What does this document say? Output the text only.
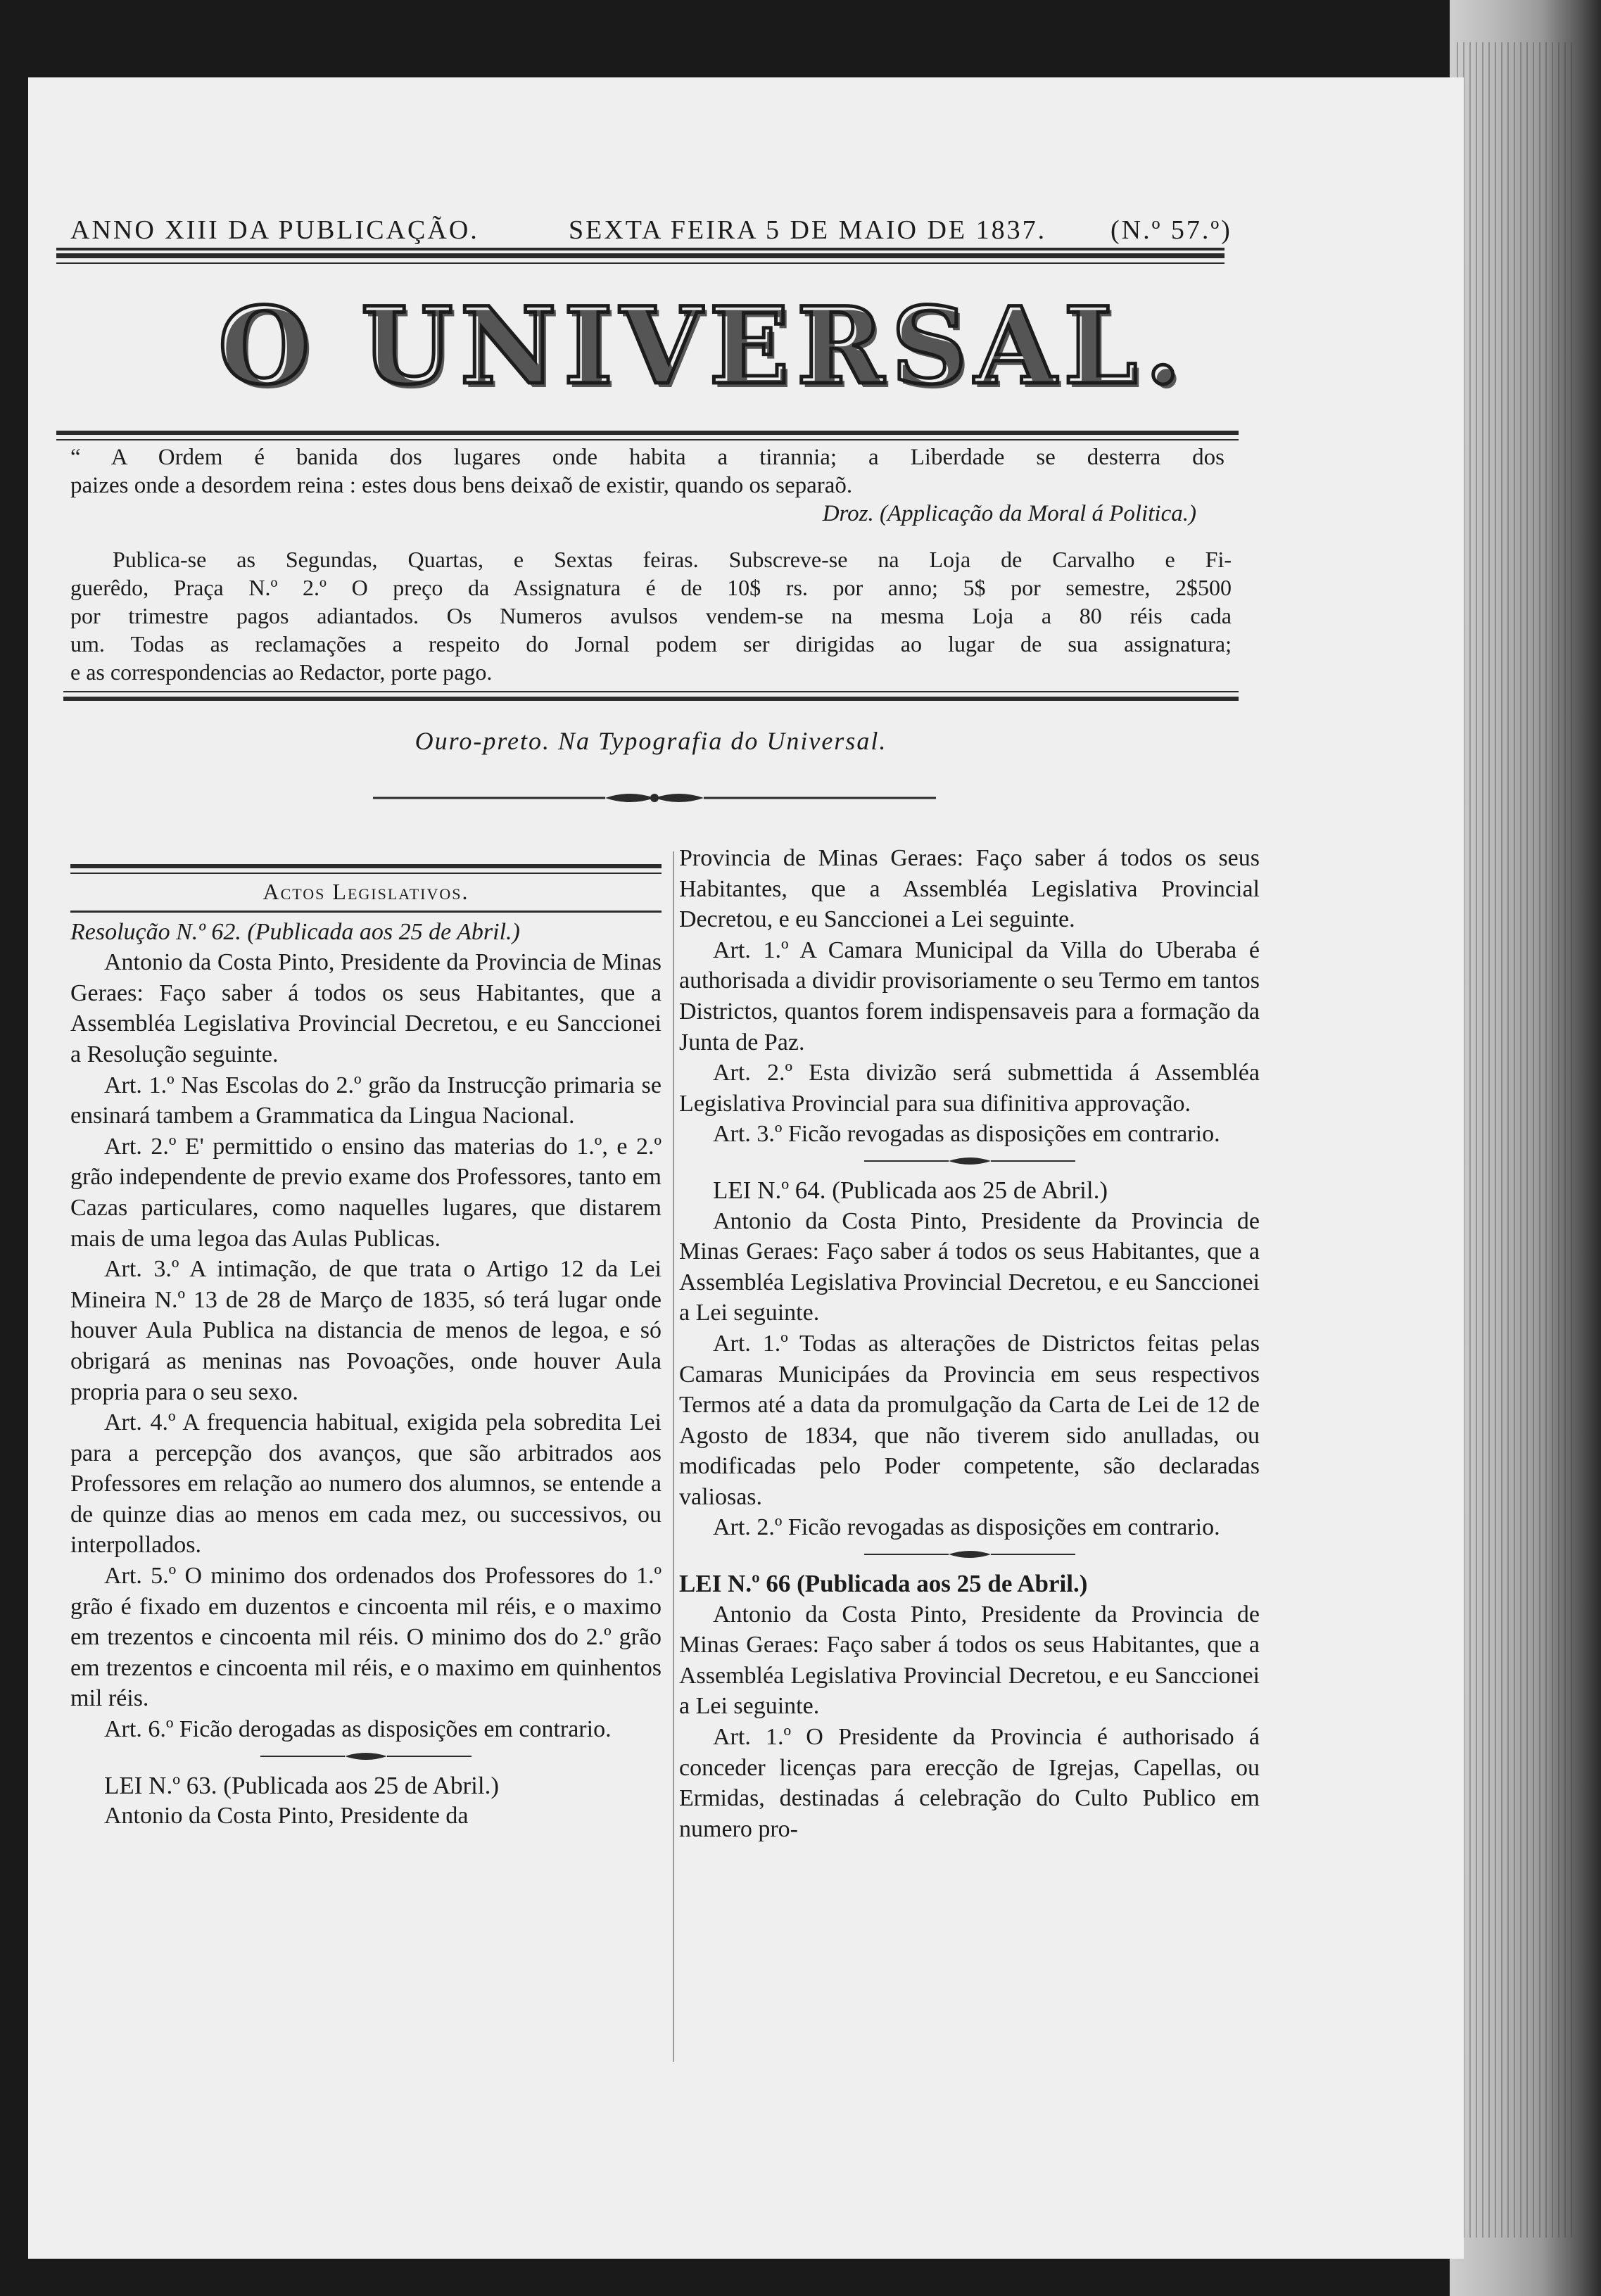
ANNO XIII DA PUBLICAÇÃO.	SEXTA FEIRA 5 DE MAIO DE 1837. (N.º 57.º)
O UNIVERSAL.

“ A Ordem é banida dos lugares onde habita a tirannia; a Liberdade se desterra dos

paizes onde a desordem reina : estes dous bens deixaõ de existir, quando os separaõ.

Droz. (Applicação da Moral á Politica.)

Publica-se as Segundas, Quartas, e Sextas feiras. Subscreve-se na Loja de Carvalho e Fi-

guerêdo, Praça N.º 2.º O preço da Assignatura é de 10$ rs. por anno; 5$ por semestre, 2$500

por trimestre pagos adiantados. Os Numeros avulsos vendem-se na mesma Loja a 80 réis cada

um. Todas as reclamações a respeito do Jornal podem ser dirigidas ao lugar de sua assignatura;

e as correspondencias ao Redactor, porte pago.

Ouro-preto. Na Typografia do Universal.

Actos Legislativos.

Resolução N.º 62. (Publicada aos 25 de Abril.)

Antonio da Costa Pinto, Presidente da Provincia de Minas Geraes: Faço saber á todos os seus Habitantes, que a Assembléa Legislativa Provincial Decretou, e eu Sanccionei a Resolução seguinte.

Art. 1.º Nas Escolas do 2.º grão da Instrucção primaria se ensinará tambem a Grammatica da Lingua Nacional.

Art. 2.º E' permittido o ensino das materias do 1.º, e 2.º grão independente de previo exame dos Professores, tanto em Cazas particulares, como naquelles lugares, que distarem mais de uma legoa das Aulas Publicas.

Art. 3.º A intimação, de que trata o Artigo 12 da Lei Mineira N.º 13 de 28 de Março de 1835, só terá lugar onde houver Aula Publica na distancia de menos de legoa, e só obrigará as meninas nas Povoações, onde houver Aula propria para o seu sexo.

Art. 4.º A frequencia habitual, exigida pela sobredita Lei para a percepção dos avanços, que são arbitrados aos Professores em relação ao numero dos alumnos, se entende a de quinze dias ao menos em cada mez, ou successivos, ou interpollados.

Art. 5.º O minimo dos ordenados dos Professores do 1.º grão é fixado em duzentos e cincoenta mil réis, e o maximo em trezentos e cincoenta mil réis. O minimo dos do 2.º grão em trezentos e cincoenta mil réis, e o maximo em quinhentos mil réis.

Art. 6.º Ficão derogadas as disposições em contrario.

LEI N.º 63. (Publicada aos 25 de Abril.)

Antonio da Costa Pinto, Presidente da

Provincia de Minas Geraes: Faço saber á todos os seus Habitantes, que a Assembléa Legislativa Provincial Decretou, e eu Sanccionei a Lei seguinte.

Art. 1.º A Camara Municipal da Villa do Uberaba é authorisada a dividir provisoriamente o seu Termo em tantos Districtos, quantos forem indispensaveis para a formação da Junta de Paz.

Art. 2.º Esta divizão será submettida á Assembléa Legislativa Provincial para sua difinitiva approvação.

Art. 3.º Ficão revogadas as disposições em contrario.

LEI N.º 64. (Publicada aos 25 de Abril.)

Antonio da Costa Pinto, Presidente da Provincia de Minas Geraes: Faço saber á todos os seus Habitantes, que a Assembléa Legislativa Provincial Decretou, e eu Sanccionei a Lei seguinte.

Art. 1.º Todas as alterações de Districtos feitas pelas Camaras Municipáes da Provincia em seus respectivos Termos até a data da promulgação da Carta de Lei de 12 de Agosto de 1834, que não tiverem sido anulladas, ou modificadas pelo Poder competente, são declaradas valiosas.

Art. 2.º Ficão revogadas as disposições em contrario.

LEI N.º 66 (Publicada aos 25 de Abril.)

Antonio da Costa Pinto, Presidente da Provincia de Minas Geraes: Faço saber á todos os seus Habitantes, que a Assembléa Legislativa Provincial Decretou, e eu Sanccionei a Lei seguinte.

Art. 1.º O Presidente da Provincia é authorisado á conceder licenças para erecção de Igrejas, Capellas, ou Ermidas, destinadas á celebração do Culto Publico em numero pro-
